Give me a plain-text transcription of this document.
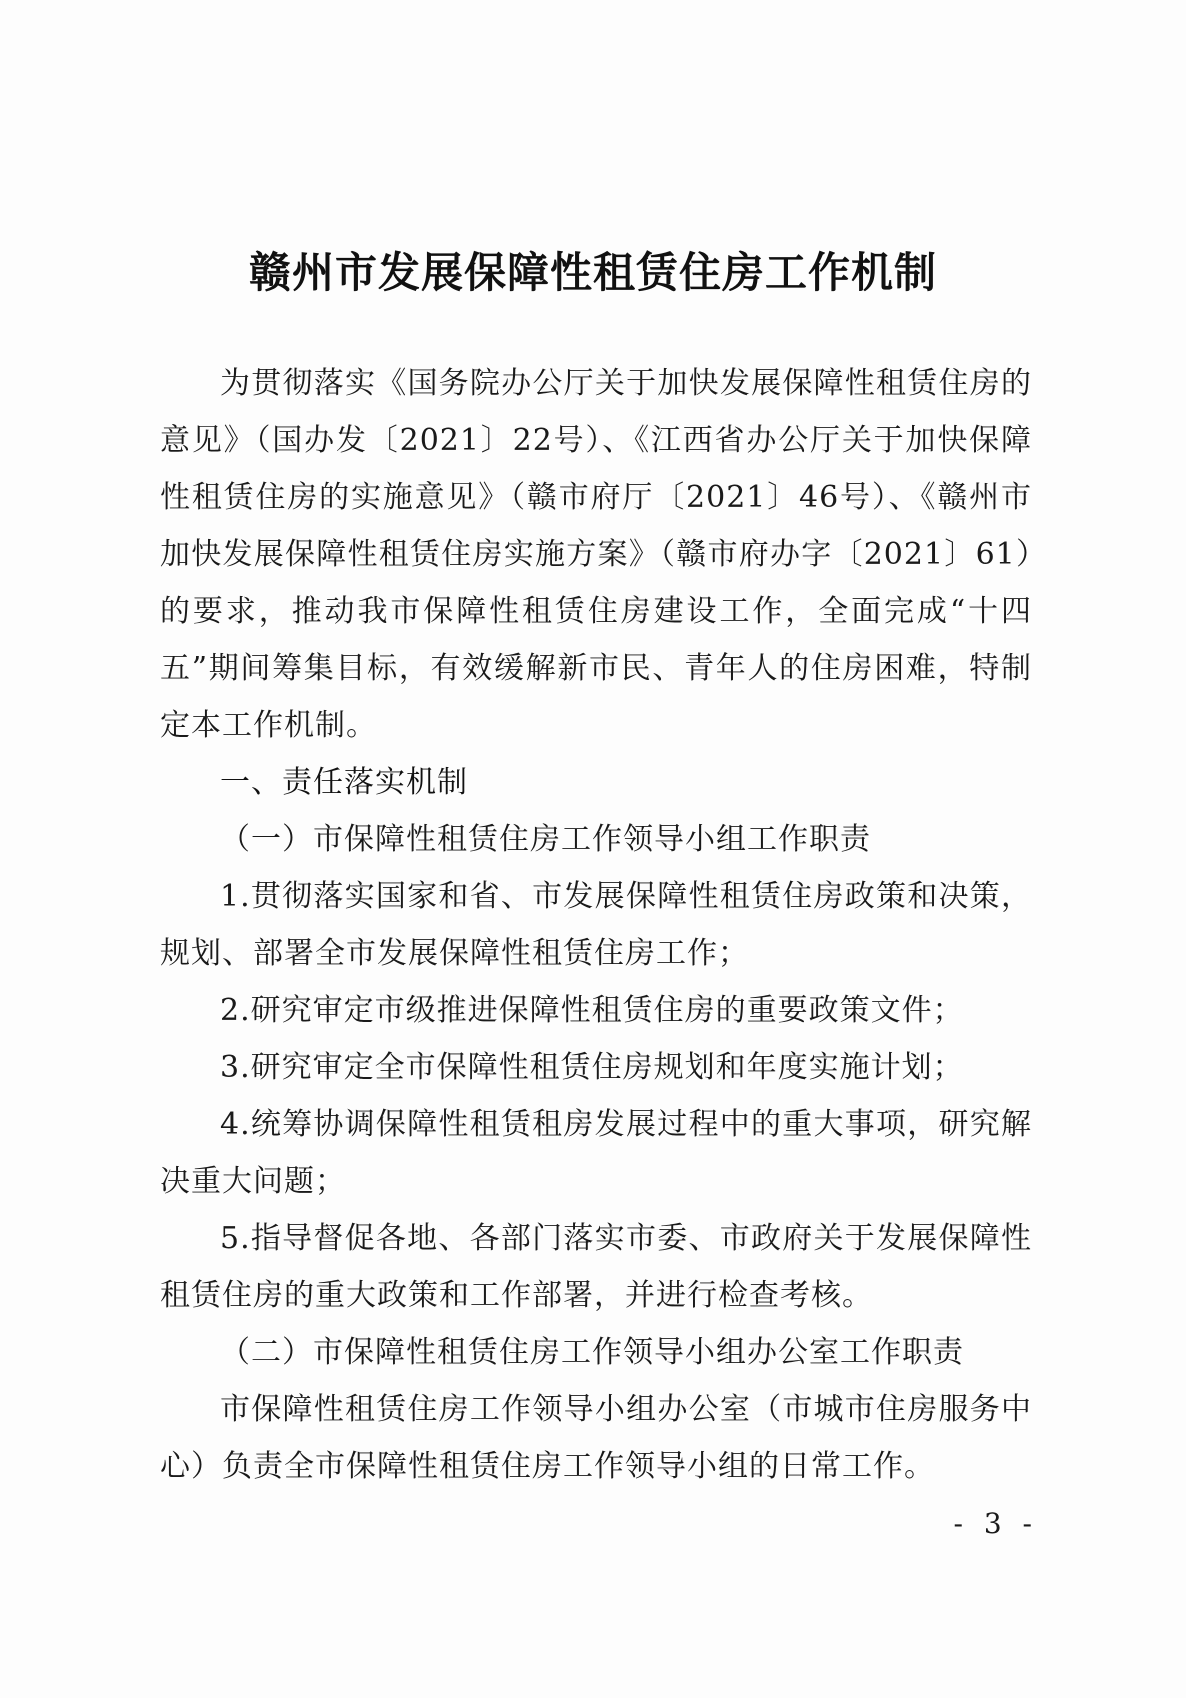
赣州市发展保障性租赁住房工作机制

为贯彻落实《国务院办公厅关于加快发展保障性租赁住房的意见》（国办发〔2021〕22号）、《江西省办公厅关于加快保障性租赁住房的实施意见》（赣市府厅〔2021〕46号）、《赣州市加快发展保障性租赁住房实施方案》（赣市府办字〔2021〕61）的要求，推动我市保障性租赁住房建设工作，全面完成“十四五”期间筹集目标，有效缓解新市民、青年人的住房困难，特制定本工作机制。

一、责任落实机制

（一）市保障性租赁住房工作领导小组工作职责

1.贯彻落实国家和省、市发展保障性租赁住房政策和决策，规划、部署全市发展保障性租赁住房工作；

2.研究审定市级推进保障性租赁住房的重要政策文件；

3.研究审定全市保障性租赁住房规划和年度实施计划；

4.统筹协调保障性租赁租房发展过程中的重大事项，研究解决重大问题；

5.指导督促各地、各部门落实市委、市政府关于发展保障性租赁住房的重大政策和工作部署，并进行检查考核。

（二）市保障性租赁住房工作领导小组办公室工作职责

市保障性租赁住房工作领导小组办公室（市城市住房服务中心）负责全市保障性租赁住房工作领导小组的日常工作。

- 3 -
